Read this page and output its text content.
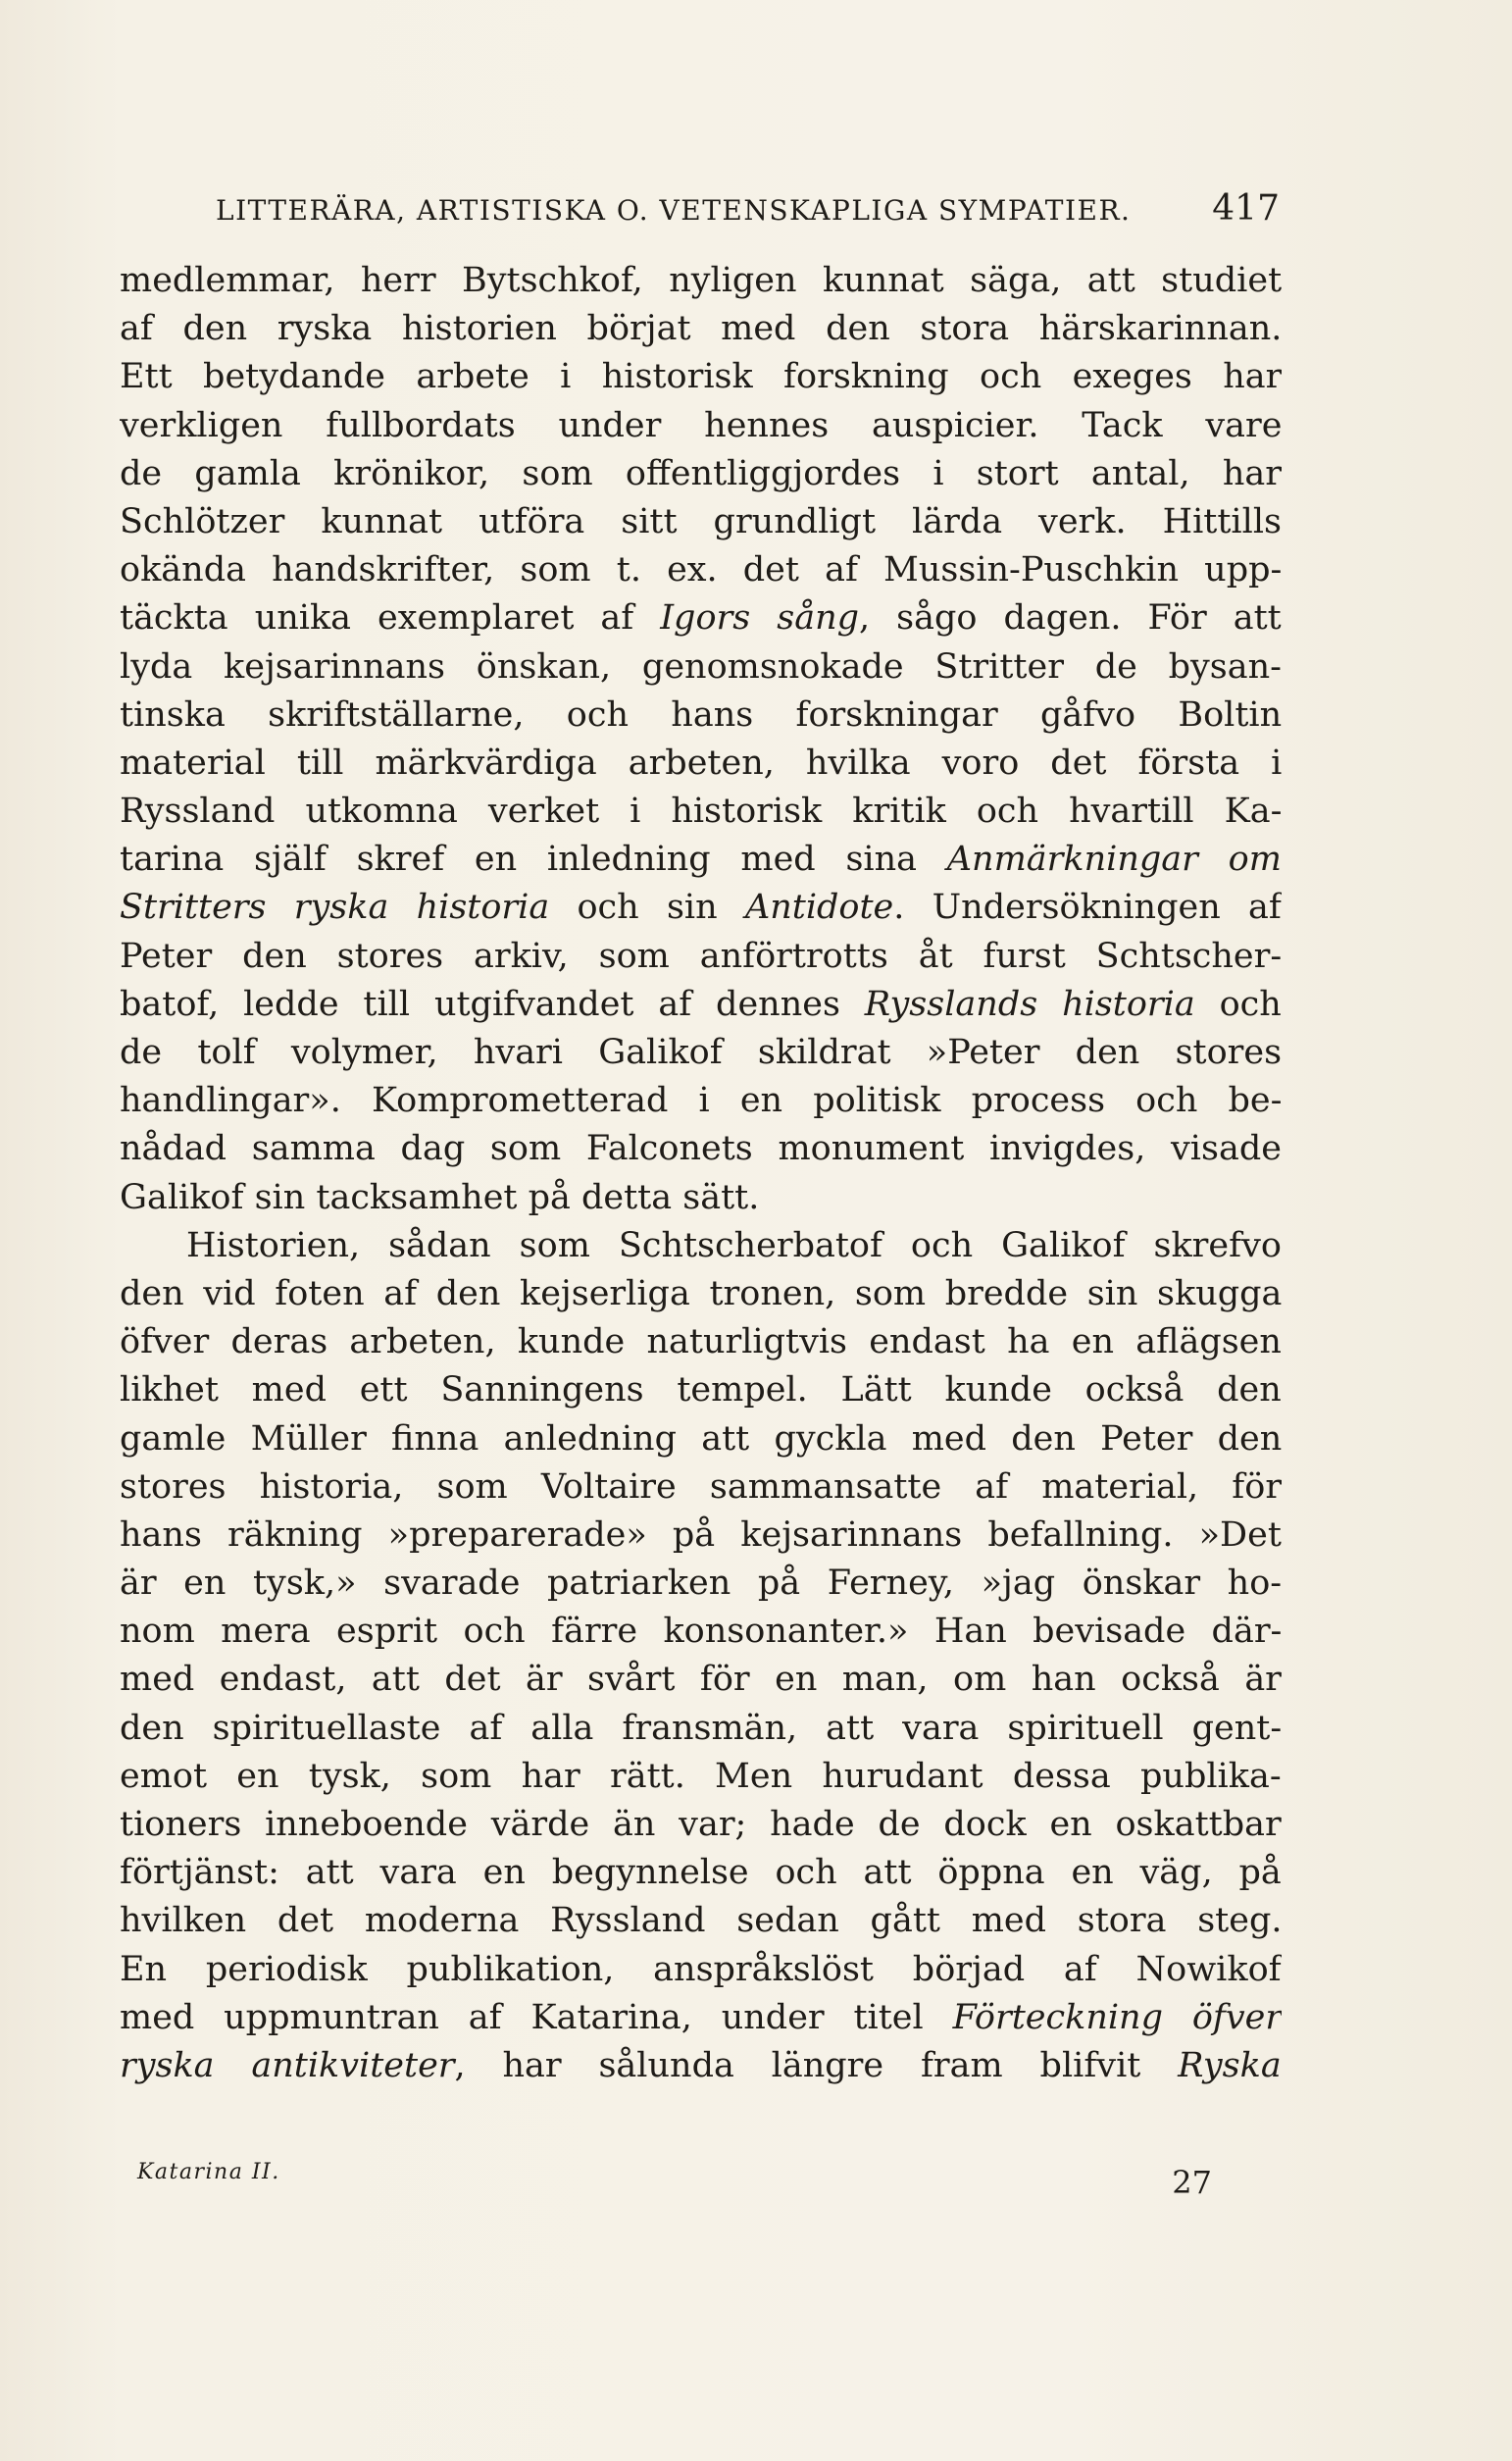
LITTERÄRA, ARTISTISKA O. VETENSKAPLIGA SYMPATIER. 417
medlemmar, herr Bytschkof, nyligen kunnat säga, att studiet
af den ryska historien börjat med den stora härskarinnan.
Ett betydande arbete i historisk forskning och exeges har
verkligen fullbordats under hennes auspicier. Tack vare
de gamla krönikor, som offentliggjordes i stort antal, har
Schlötzer kunnat utföra sitt grundligt lärda verk. Hittills
okända handskrifter, som t. ex. det af Mussin-Puschkin upp-
täckta unika exemplaret af Igors sång, sågo dagen. För att
lyda kejsarinnans önskan, genomsnokade Stritter de bysan-
tinska skriftställarne, och hans forskningar gåfvo Boltin
material till märkvärdiga arbeten, hvilka voro det första i
Ryssland utkomna verket i historisk kritik och hvartill Ka-
tarina själf skref en inledning med sina Anmärkningar om
Stritters ryska historia och sin Antidote. Undersökningen af
Peter den stores arkiv, som anförtrotts åt furst Schtscher-
batof, ledde till utgifvandet af dennes Rysslands historia och
de tolf volymer, hvari Galikof skildrat »Peter den stores
handlingar». Komprometterad i en politisk process och be-
nådad samma dag som Falconets monument invigdes, visade
Galikof sin tacksamhet på detta sätt.
Historien, sådan som Schtscherbatof och Galikof skrefvo
den vid foten af den kejserliga tronen, som bredde sin skugga
öfver deras arbeten, kunde naturligtvis endast ha en aflägsen
likhet med ett Sanningens tempel. Lätt kunde också den
gamle Müller finna anledning att gyckla med den Peter den
stores historia, som Voltaire sammansatte af material, för
hans räkning »preparerade» på kejsarinnans befallning. »Det
är en tysk,» svarade patriarken på Ferney, »jag önskar ho-
nom mera esprit och färre konsonanter.» Han bevisade där-
med endast, att det är svårt för en man, om han också är
den spirituellaste af alla fransmän, att vara spirituell gent-
emot en tysk, som har rätt. Men hurudant dessa publika-
tioners inneboende värde än var; hade de dock en oskattbar
förtjänst: att vara en begynnelse och att öppna en väg, på
hvilken det moderna Ryssland sedan gått med stora steg.
En periodisk publikation, anspråkslöst börjad af Nowikof
med uppmuntran af Katarina, under titel Förteckning öfver
ryska antikviteter, har sålunda längre fram blifvit Ryska
Katarina II.	27
